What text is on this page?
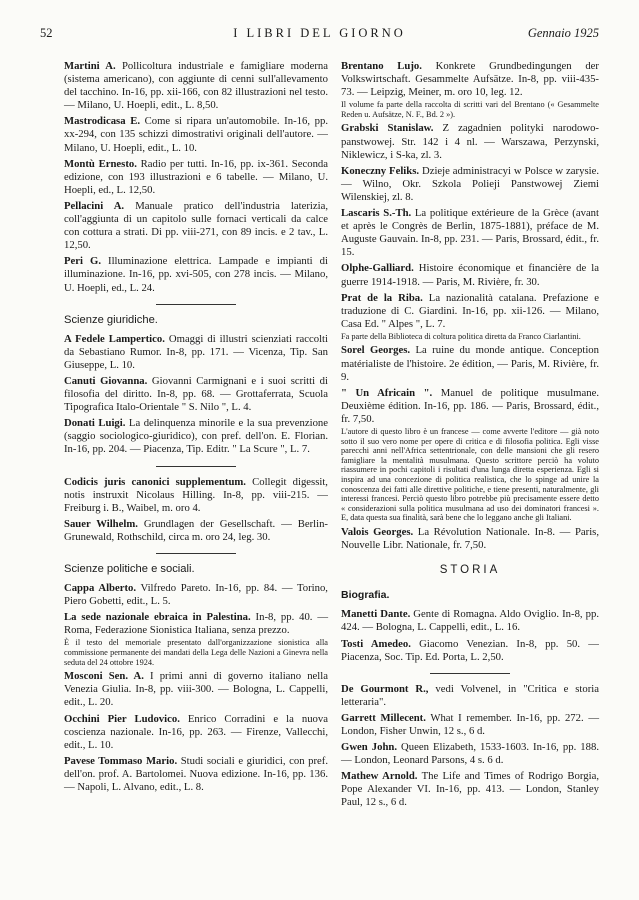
52	I LIBRI DEL GIORNO	Gennaio 1925
Martini A. Pollicoltura industriale e famigliare moderna (sistema americano), con aggiunte di cenni sull'allevamento del tacchino. In-16, pp. xii-166, con 82 illustrazioni nel testo. — Milano, U. Hoepli, edit., L. 8,50.
Mastrodicasa E. Come si ripara un'automobile. In-16, pp. xx-294, con 135 schizzi dimostrativi originali dell'autore. — Milano, U. Hoepli, edit., L. 10.
Montù Ernesto. Radio per tutti. In-16, pp. ix-361. Seconda edizione, con 193 illustrazioni e 6 tabelle. — Milano, U. Hoepli, ed., L. 12,50.
Pellacini A. Manuale pratico dell'industria laterizia, coll'aggiunta di un capitolo sulle fornaci verticali da calce con cottura a strati. Di pp. viii-271, con 89 incis. e 2 tav., L. 12,50.
Peri G. Illuminazione elettrica. Lampade e impianti di illuminazione. In-16, pp. xvi-505, con 278 incis. — Milano, U. Hoepli, ed., L. 24.
Scienze giuridiche.
A Fedele Lampertico. Omaggi di illustri scienziati raccolti da Sebastiano Rumor. In-8, pp. 171. — Vicenza, Tip. San Giuseppe, L. 10.
Canuti Giovanna. Giovanni Carmignani e i suoi scritti di filosofia del diritto. In-8, pp. 68. — Grottaferrata, Scuola Tipografica Italo-Orientale " S. Nilo ", L. 4.
Donati Luigi. La delinquenza minorile e la sua prevenzione (saggio sociologico-giuridico), con pref. dell'on. E. Florian. In-16, pp. 204. — Piacenza, Tip. Editr. " La Scure ", L. 7.
Codicis juris canonici supplementum. Collegit digessit, notis instruxit Nicolaus Hilling. In-8, pp. viii-215. — Freiburg i. B., Waibel, m. oro 4.
Sauer Wilhelm. Grundlagen der Gesellschaft. — Berlin-Grunewald, Rothschild, circa m. oro 24, leg. 30.
Scienze politiche e sociali.
Cappa Alberto. Vilfredo Pareto. In-16, pp. 84. — Torino, Piero Gobetti, edit., L. 5.
La sede nazionale ebraica in Palestina. In-8, pp. 40. — Roma, Federazione Sionistica Italiana, senza prezzo.
È il testo del memoriale presentato dall'organizzazione sionistica alla commissione permanente dei mandati della Lega delle Nazioni a Ginevra nella seduta del 24 ottobre 1924.
Mosconi Sen. A. I primi anni di governo italiano nella Venezia Giulia. In-8, pp. viii-300. — Bologna, L. Cappelli, edit., L. 20.
Occhini Pier Ludovico. Enrico Corradini e la nuova coscienza nazionale. In-16, pp. 263. — Firenze, Vallecchi, edit., L. 10.
Pavese Tommaso Mario. Studi sociali e giuridici, con pref. dell'on. prof. A. Bartolomei. Nuova edizione. In-16, pp. 136. — Napoli, L. Alvano, edit., L. 8.
Brentano Lujo. Konkrete Grundbedingungen der Volkswirtschaft. Gesammelte Aufsätze. In-8, pp. viii-435-73. — Leipzig, Meiner, m. oro 10, leg. 12.
Il volume fa parte della raccolta di scritti vari del Brentano (« Gesammelte Reden u. Aufsätze, N. F., Bd. 2 »).
Grabski Stanislaw. Z zagadnien polityki narodowo-panstwowej. Str. 142 i 4 nl. — Warszawa, Perzynski, Niklewicz, i S-ka, zl. 3.
Koneczny Feliks. Dzieje administracyi w Polsce w zarysie. — Wilno, Okr. Szkola Polieji Panstwowej Ziemi Wilenskiej, zl. 8.
Lascaris S.-Th. La politique extérieure de la Grèce (avant et après le Congrès de Berlin, 1875-1881), préface de M. Auguste Gauvain. In-8, pp. 231. — Paris, Brossard, édit., fr. 15.
Olphe-Galliard. Histoire économique et financière de la guerre 1914-1918. — Paris, M. Rivière, fr. 30.
Prat de la Riba. La nazionalità catalana. Prefazione e traduzione di C. Giardini. In-16, pp. xii-126. — Milano, Casa Ed. " Alpes ", L. 7.
Fa parte della Biblioteca di coltura politica diretta da Franco Ciarlantini.
Sorel Georges. La ruine du monde antique. Conception matérialiste de l'histoire. 2e édition, — Paris, M. Rivière, fr. 9.
" Un Africain ". Manuel de politique musulmane. Deuxième édition. In-16, pp. 186. — Paris, Brossard, édit., fr. 7,50.
L'autore di questo libro è un francese — come avverte l'editore — già noto sotto il suo vero nome per opere di critica e di filosofia politica. Egli visse parecchi anni nell'Africa settentrionale, con delle mansioni che gli resero famigliare la mentalità musulmana. Questo scrittore perciò ha voluto riassumere in pochi capitoli i risultati d'una lunga diretta esperienza. Egli si inspira ad una concezione di politica realistica, che lo spinge ad unire la conoscenza dei fatti alle direttive politiche, e tiene presenti, naturalmente, gli interessi francesi. Perciò questo libro potrebbe più precisamente essere detto « considerazioni sulla politica musulmana ad uso dei dominatori francesi ». E, data questa sua finalità, sarà bene che lo leggano anche gli Italiani.
Valois Georges. La Révolution Nationale. In-8. — Paris, Nouvelle Libr. Nationale, fr. 7,50.
STORIA
Biografia.
Manetti Dante. Gente di Romagna. Aldo Oviglio. In-8, pp. 424. — Bologna, L. Cappelli, edit., L. 16.
Tosti Amedeo. Giacomo Venezian. In-8, pp. 50. — Piacenza, Soc. Tip. Ed. Porta, L. 2,50.
De Gourmont R., vedi Volvenel, in "Critica e storia letteraria".
Garrett Millecent. What I remember. In-16, pp. 272. — London, Fisher Unwin, 12 s., 6 d.
Gwen John. Queen Elizabeth, 1533-1603. In-16, pp. 188. — London, Leonard Parsons, 4 s. 6 d.
Mathew Arnold. The Life and Times of Rodrigo Borgia, Pope Alexander VI. In-16, pp. 413. — London, Stanley Paul, 12 s., 6 d.
